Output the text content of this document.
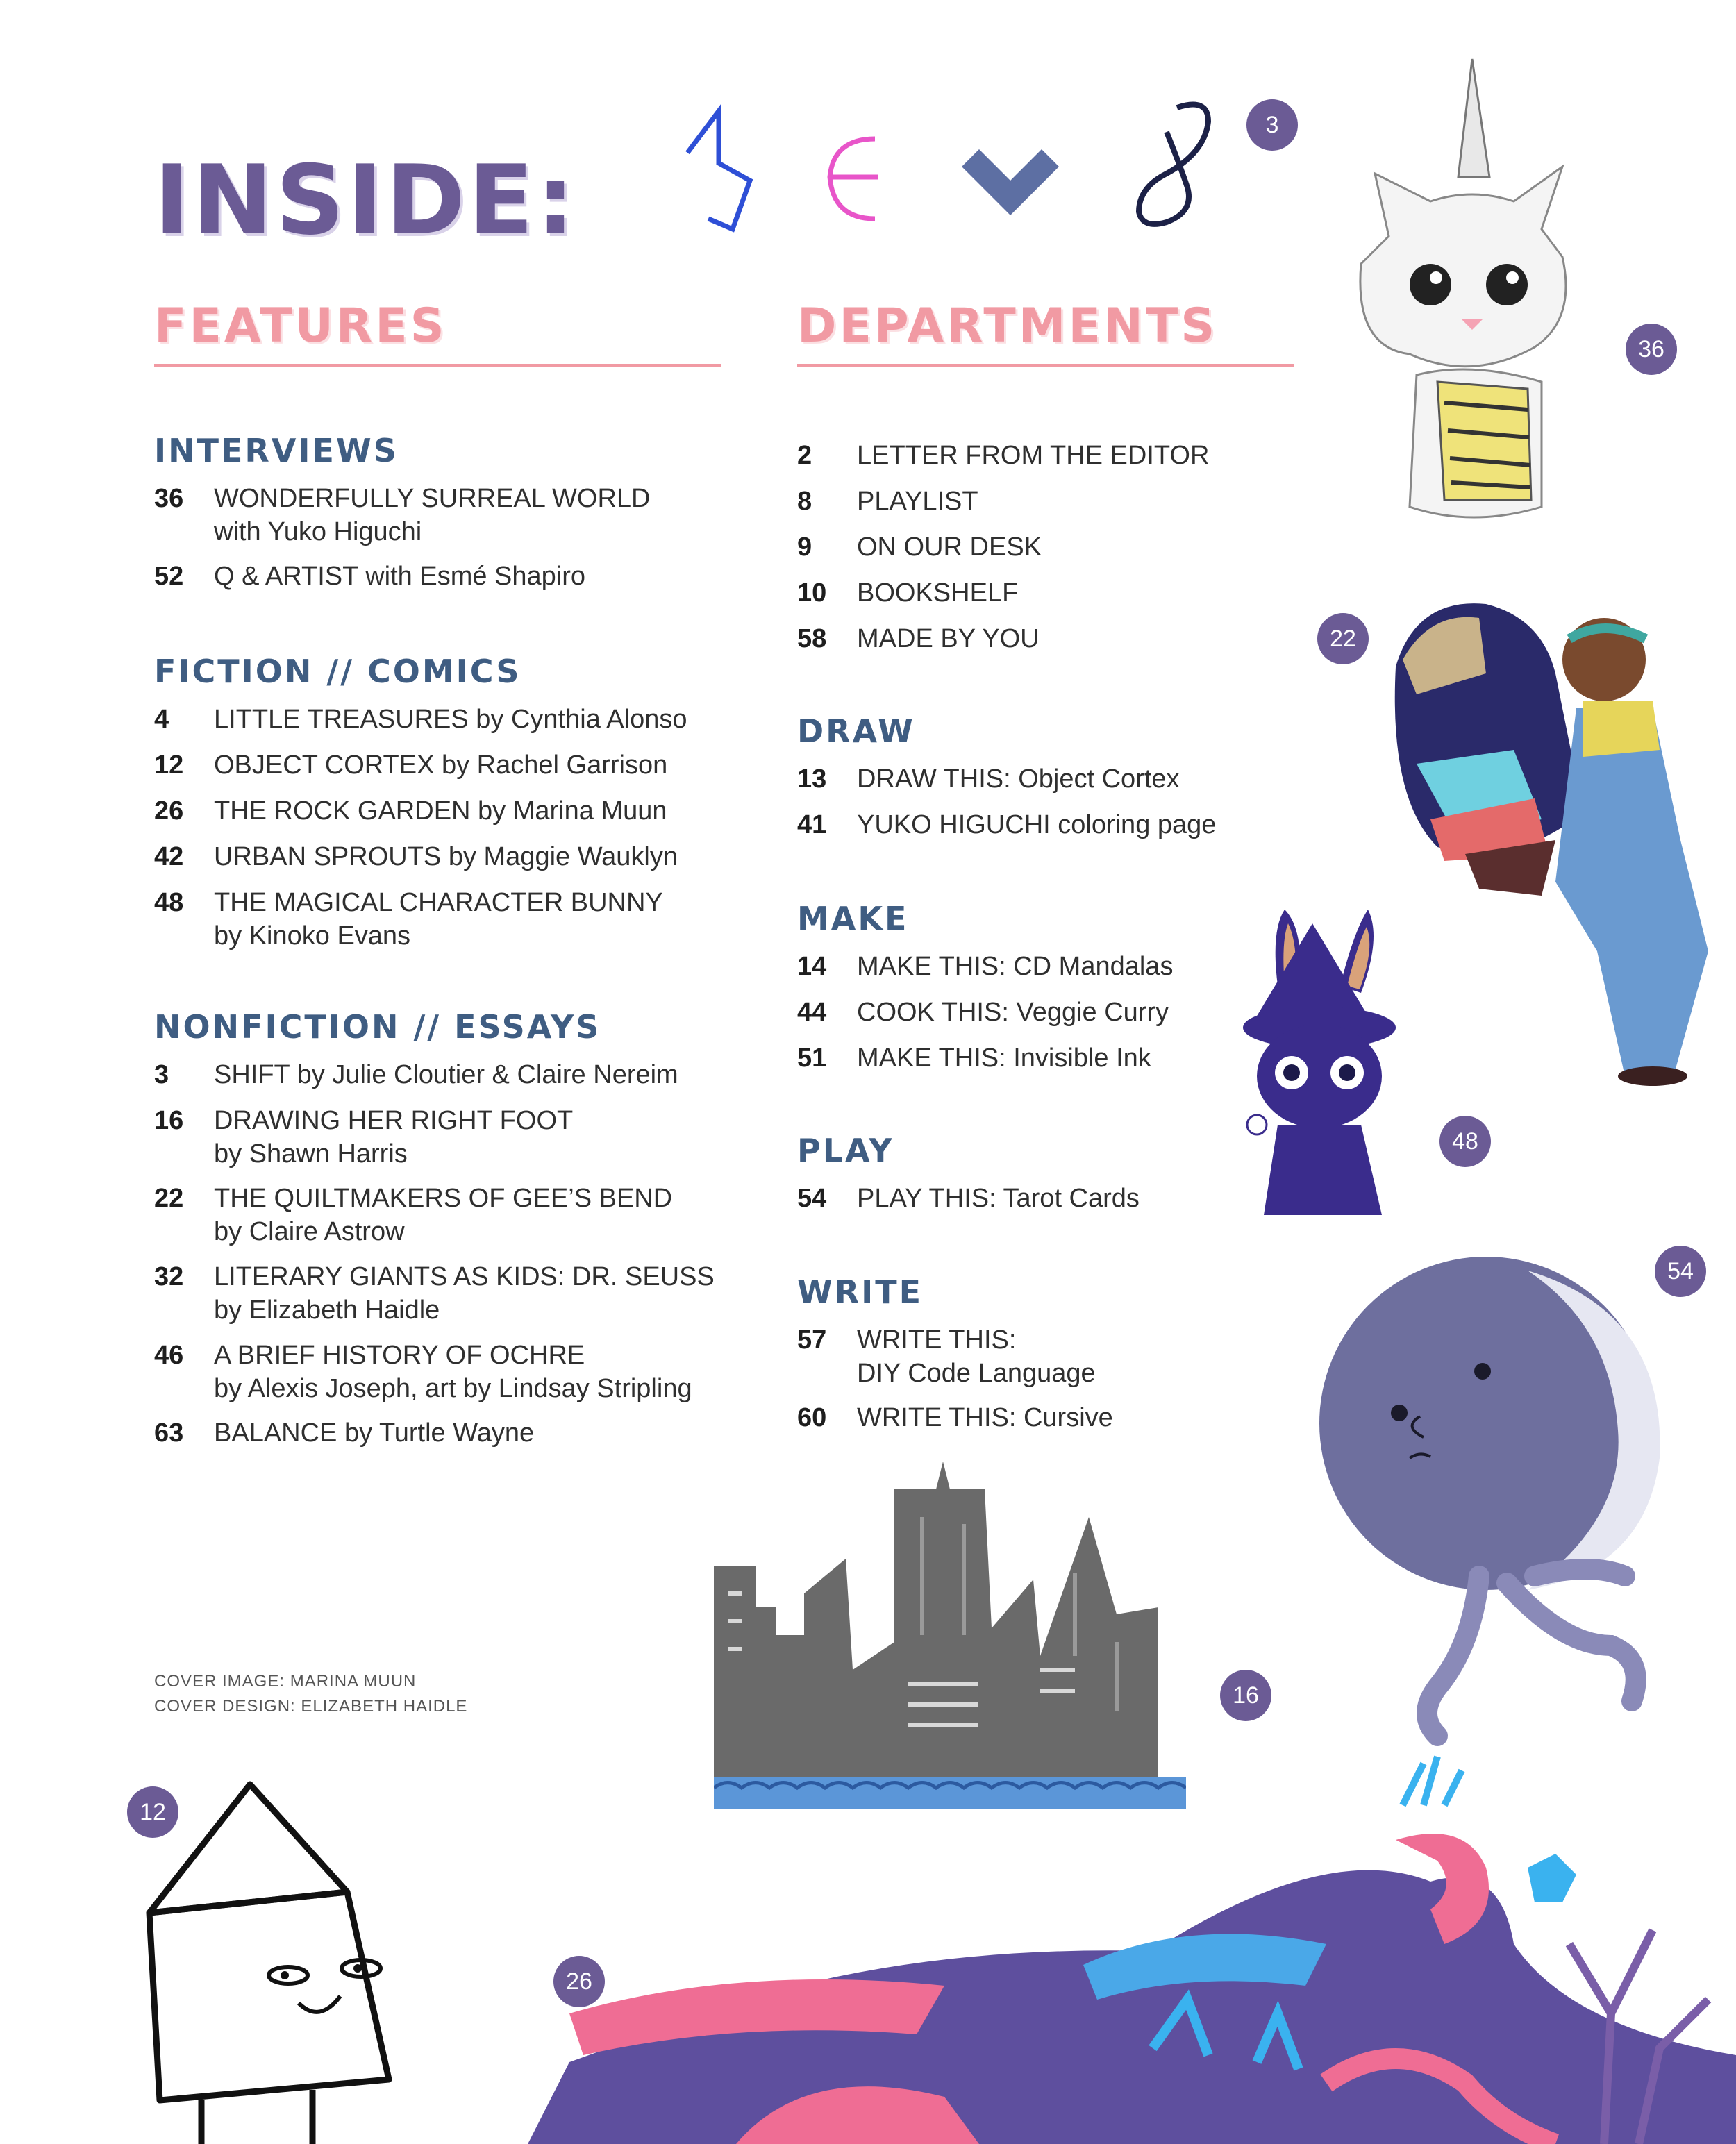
INSIDE:
FEATURES
INTERVIEWS
36	WONDERFULLY SURREAL WORLD
with Yuko Higuchi
52	Q & ARTIST with Esmé Shapiro
FICTION // COMICS
4	LITTLE TREASURES by Cynthia Alonso
12	OBJECT CORTEX by Rachel Garrison
26	THE ROCK GARDEN by Marina Muun
42	URBAN SPROUTS by Maggie Wauklyn
48	THE MAGICAL CHARACTER BUNNY
by Kinoko Evans
NONFICTION // ESSAYS
3	SHIFT by Julie Cloutier & Claire Nereim
16	DRAWING HER RIGHT FOOT
by Shawn Harris
22	THE QUILTMAKERS OF GEE’S BEND
by Claire Astrow
32	LITERARY GIANTS AS KIDS: DR. SEUSS
by Elizabeth Haidle
46	A BRIEF HISTORY OF OCHRE
by Alexis Joseph, art by Lindsay Stripling
63	BALANCE by Turtle Wayne
DEPARTMENTS
2	LETTER FROM THE EDITOR
8	PLAYLIST
9	ON OUR DESK
10	BOOKSHELF
58	MADE BY YOU
DRAW
13	DRAW THIS: Object Cortex
41	YUKO HIGUCHI coloring page
MAKE
14	MAKE THIS: CD Mandalas
44	COOK THIS: Veggie Curry
51	MAKE THIS: Invisible Ink
PLAY
54	PLAY THIS: Tarot Cards
WRITE
57	WRITE THIS:
DIY Code Language
60	WRITE THIS: Cursive
COVER IMAGE: MARINA MUUN
COVER DESIGN: ELIZABETH HAIDLE
3
36
22
48
54
16
12
26
